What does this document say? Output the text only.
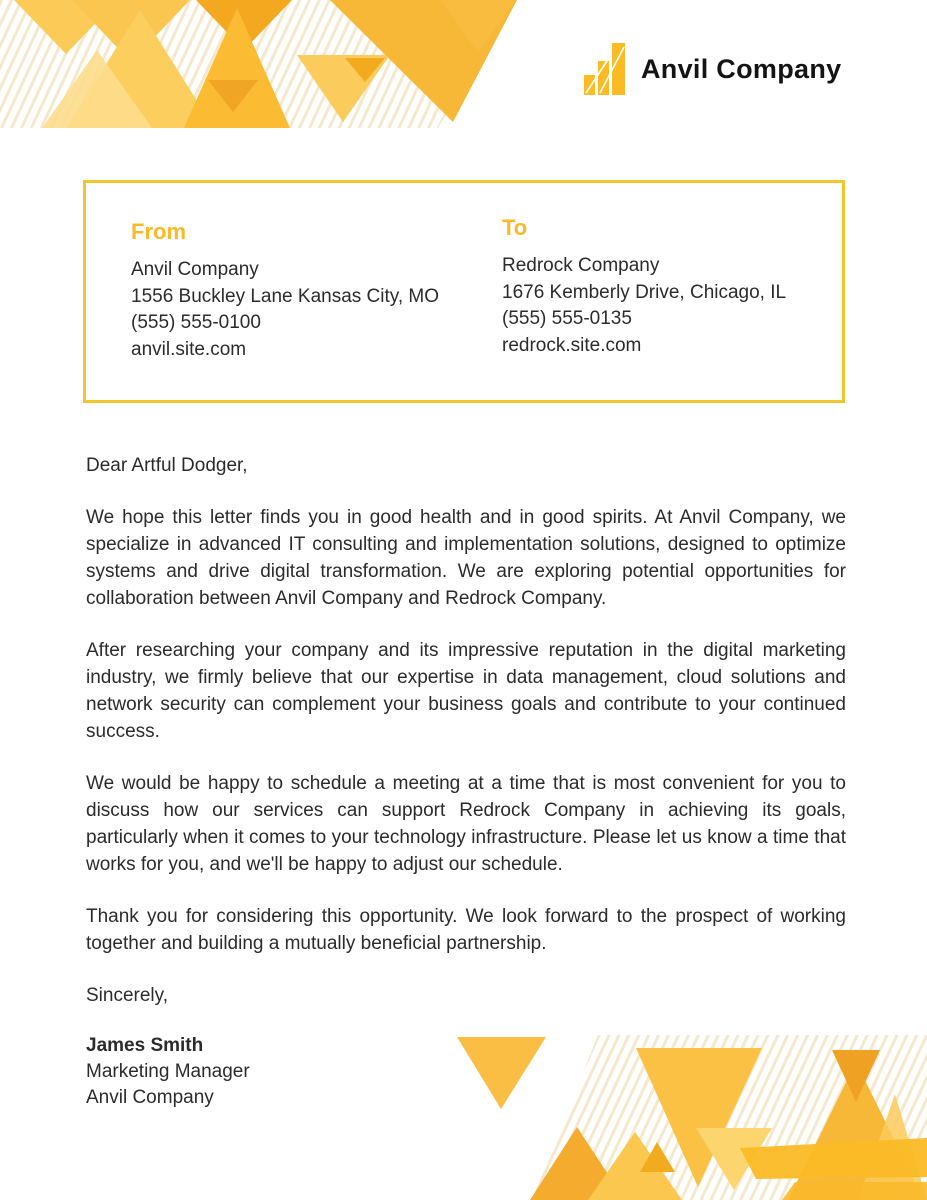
Anvil Company
From
Anvil Company
1556 Buckley Lane Kansas City, MO
(555) 555-0100
anvil.site.com
To
Redrock Company
1676 Kemberly Drive, Chicago, IL
(555) 555-0135
redrock.site.com
Dear Artful Dodger,
We hope this letter finds you in good health and in good spirits. At Anvil Company, we specialize in advanced IT consulting and implementation solutions, designed to optimize systems and drive digital transformation. We are exploring potential opportunities for collaboration between Anvil Company and Redrock Company.
After researching your company and its impressive reputation in the digital marketing industry, we firmly believe that our expertise in data management, cloud solutions and network security can complement your business goals and contribute to your continued success.
We would be happy to schedule a meeting at a time that is most convenient for you to discuss how our services can support Redrock Company in achieving its goals, particularly when it comes to your technology infrastructure. Please let us know a time that works for you, and we'll be happy to adjust our schedule.
Thank you for considering this opportunity. We look forward to the prospect of working together and building a mutually beneficial partnership.
Sincerely,
James Smith
Marketing Manager
Anvil Company
